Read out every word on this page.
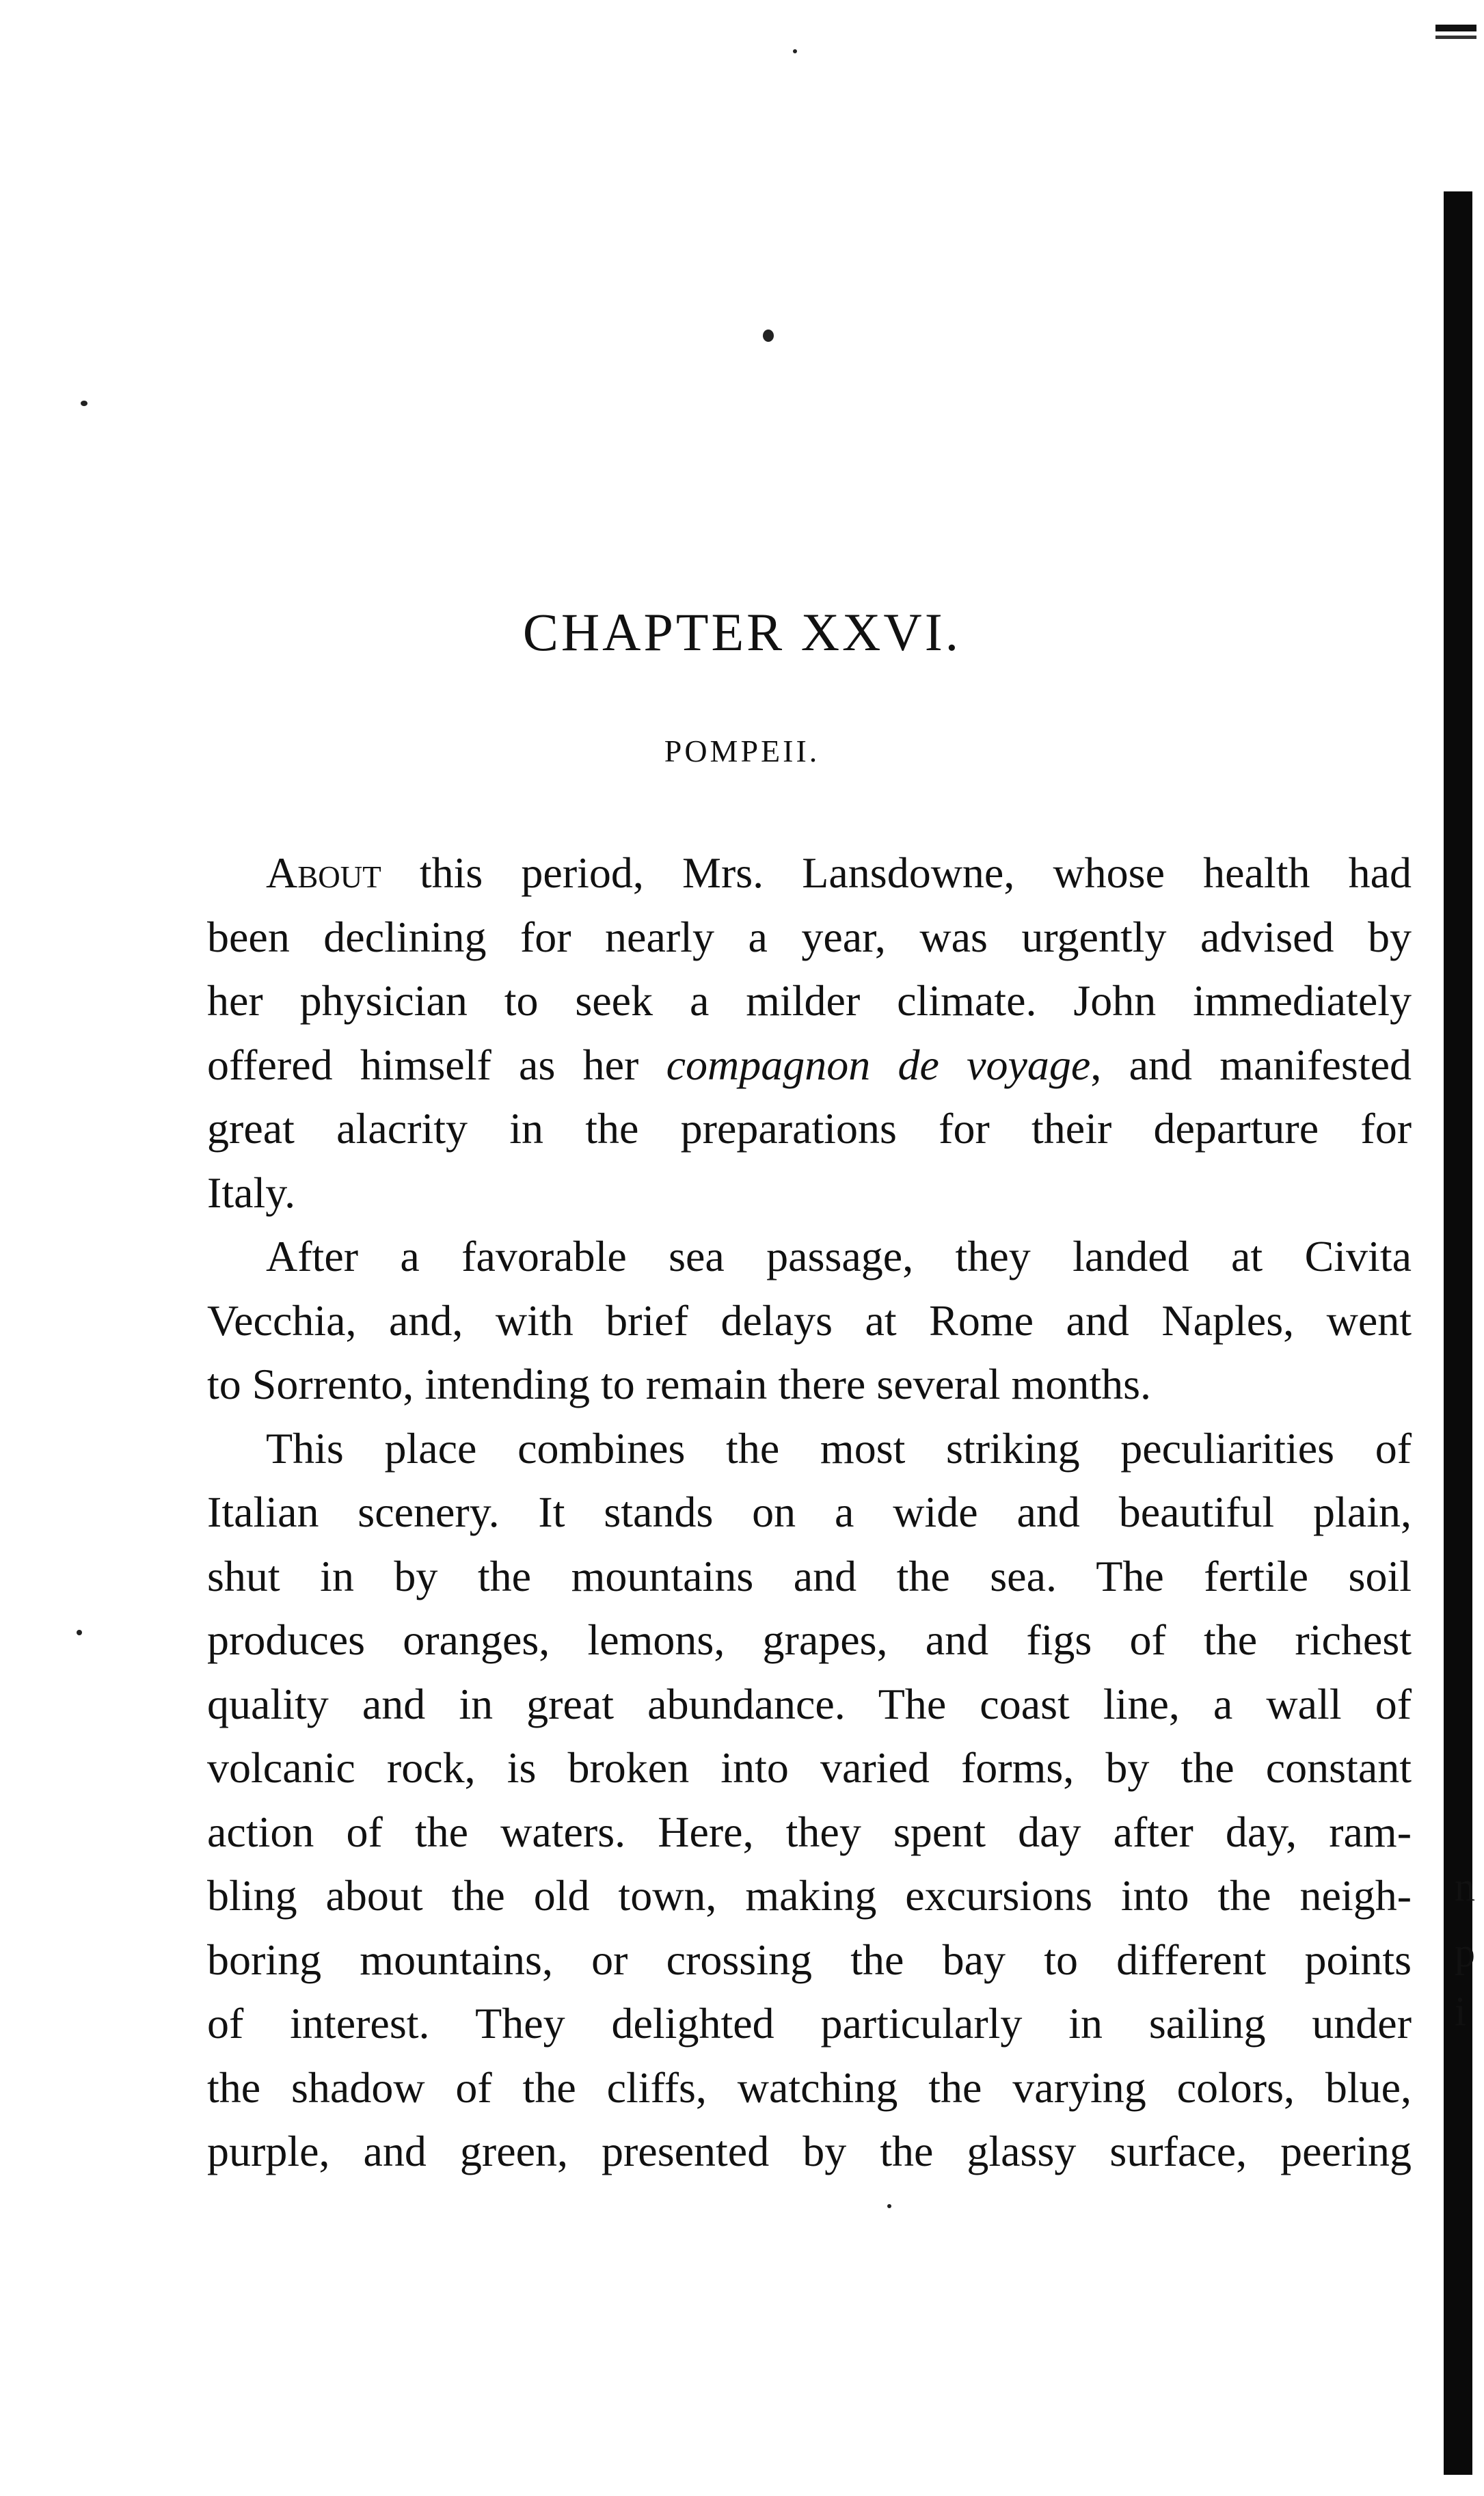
n
p
i
CHAPTER XXVI.
POMPEII.
About this period, Mrs. Lansdowne, whose health had
been declining for nearly a year, was urgently advised by
her physician to seek a milder climate. John immediately
offered himself as her compagnon de voyage, and manifested
great alacrity in the preparations for their departure for
Italy.
After a favorable sea passage, they landed at Civita
Vecchia, and, with brief delays at Rome and Naples, went
to Sorrento, intending to remain there several months.
This place combines the most striking peculiarities of
Italian scenery. It stands on a wide and beautiful plain,
shut in by the mountains and the sea. The fertile soil
produces oranges, lemons, grapes, and figs of the richest
quality and in great abundance. The coast line, a wall of
volcanic rock, is broken into varied forms, by the constant
action of the waters. Here, they spent day after day, ram-
bling about the old town, making excursions into the neigh-
boring mountains, or crossing the bay to different points
of interest. They delighted particularly in sailing under
the shadow of the cliffs, watching the varying colors, blue,
purple, and green, presented by the glassy surface, peering
